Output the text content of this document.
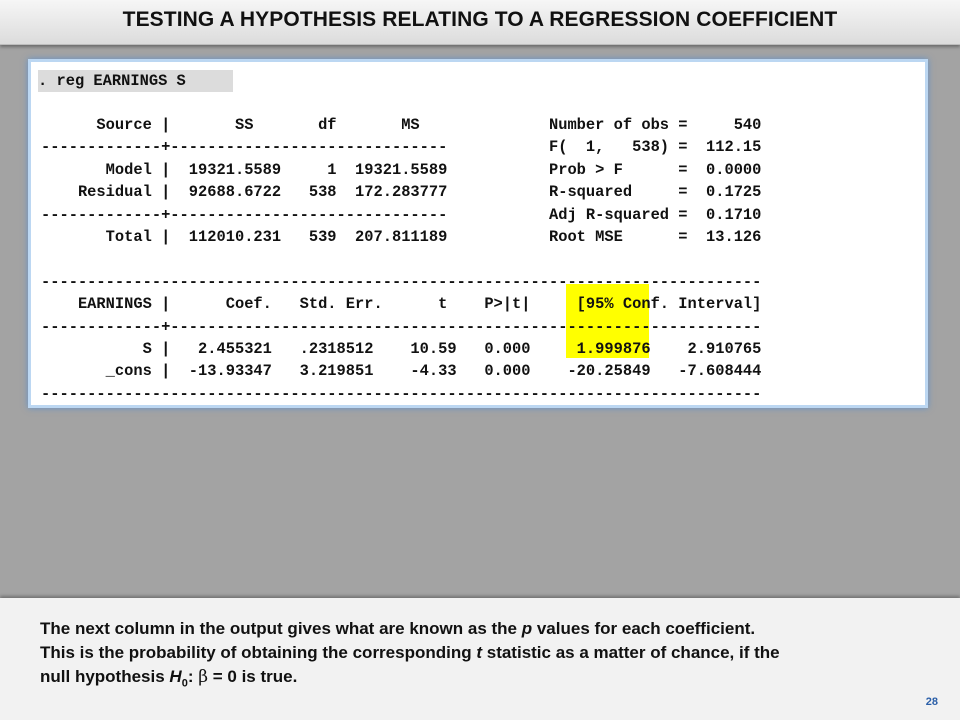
TESTING A HYPOTHESIS RELATING TO A REGRESSION COEFFICIENT
. reg EARNINGS S
Source |       SS       df       MS              Number of obs =     540
-------------+------------------------------           F(  1,   538) =  112.15
Model |  19321.5589     1  19321.5589           Prob > F      =  0.0000
Residual |  92688.6722   538  172.283777           R-squared     =  0.1725
-------------+------------------------------           Adj R-squared =  0.1710
Total |  112010.231   539  207.811189           Root MSE      =  13.126
------------------------------------------------------------------------------
EARNINGS |      Coef.   Std. Err.      t    P>|t|     [95% Conf. Interval]
-------------+----------------------------------------------------------------
S |   2.455321   .2318512    10.59   0.000     1.999876    2.910765
_cons |  -13.93347   3.219851    -4.33   0.000    -20.25849   -7.608444
------------------------------------------------------------------------------

The next column in the output gives what are known as the p values for each coefficient.

This is the probability of obtaining the corresponding t statistic as a matter of chance, if the

null hypothesis $H_0$: β = 0 is true.

28
